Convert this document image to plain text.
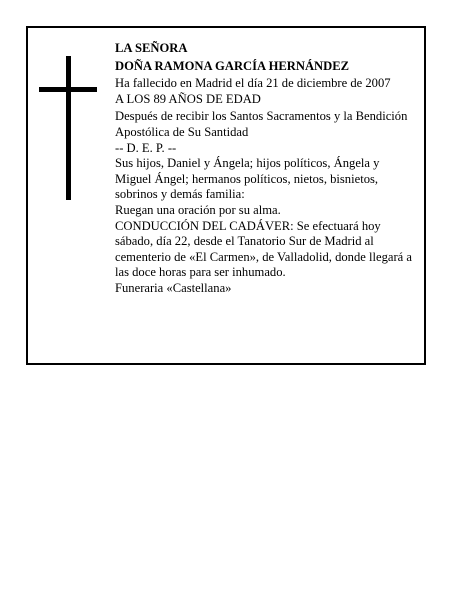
LA SEÑORA
DOÑA RAMONA GARCÍA HERNÁNDEZ
Ha fallecido en Madrid el día 21 de diciembre de 2007
A LOS 89 AÑOS DE EDAD
Después de recibir los Santos Sacramentos y la Bendición Apostólica de Su Santidad
-- D. E. P. --
Sus hijos, Daniel y Ángela; hijos políticos, Ángela y Miguel Ángel; hermanos políticos, nietos, bisnietos, sobrinos y demás familia:
Ruegan una oración por su alma.
CONDUCCIÓN DEL CADÁVER: Se efectuará hoy sábado, día 22, desde el Tanatorio Sur de Madrid al cementerio de «El Carmen», de Valladolid, donde llegará a las doce horas para ser inhumado.
Funeraria «Castellana»
